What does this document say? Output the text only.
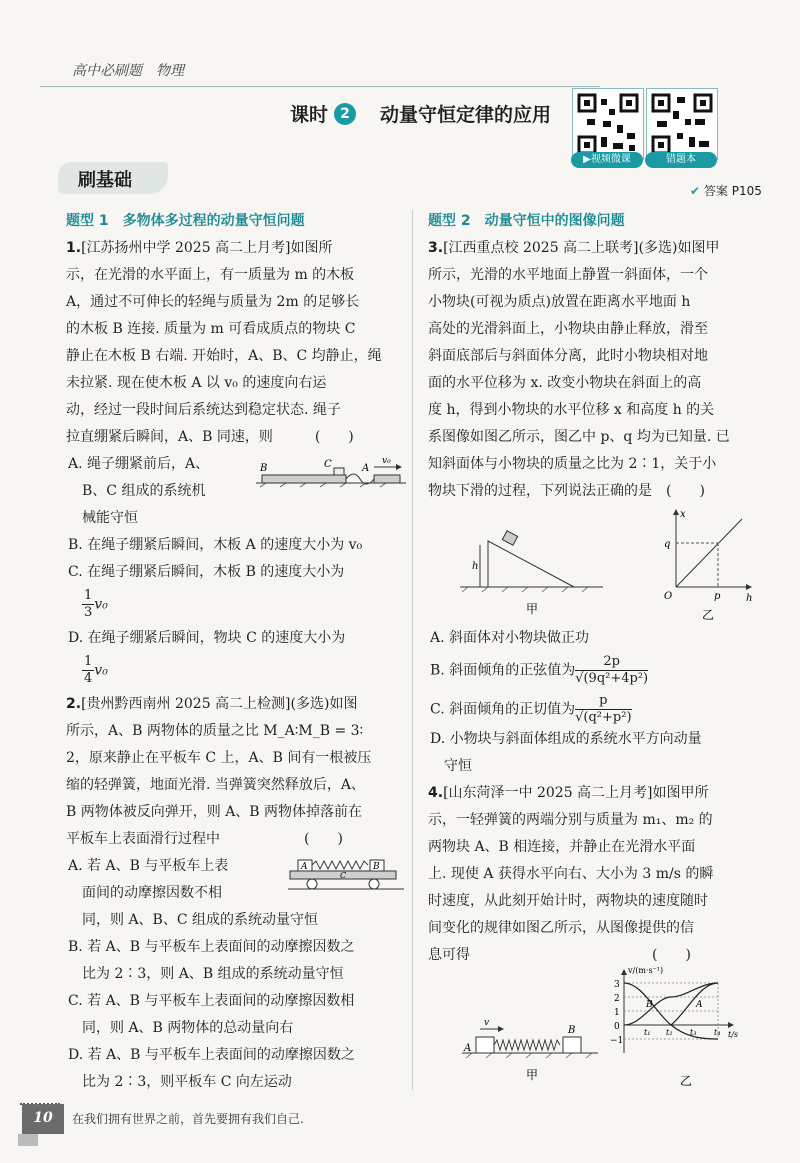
高中必刷题　物理
课时 2	动量守恒定律的应用
▶视频微课	错题本
刷基础	✔ 答案 P105

题型 1　多物体多过程的动量守恒问题

1.[江苏扬州中学 2025 高二上月考]如图所

示，在光滑的水平面上，有一质量为 m 的木板

A，通过不可伸长的轻绳与质量为 2m 的足够长

的木板 B 连接. 质量为 m 可看成质点的物块 C

静止在木板 B 右端. 开始时，A、B、C 均静止，绳

未拉紧. 现在使木板 A 以 v₀ 的速度向右运

动，经过一段时间后系统达到稳定状态. 绳子

拉直绷紧后瞬间，A、B 同速，则　　　(　　)

A. 绳子绷紧前后，A、

B、C 组成的系统机

械能守恒

B	C	A
v₀

B. 在绳子绷紧后瞬间，木板 A 的速度大小为 v₀

C. 在绳子绷紧后瞬间，木板 B 的速度大小为

$\frac{1}{3} v_0$

D. 在绳子绷紧后瞬间，物块 C 的速度大小为

$\frac{1}{4} v_0$

2.[贵州黔西南州 2025 高二上检测](多选)如图

所示，A、B 两物体的质量之比 M_A∶M_B = 3∶

2，原来静止在平板车 C 上，A、B 间有一根被压

缩的轻弹簧，地面光滑. 当弹簧突然释放后，A、

B 两物体被反向弹开，则 A、B 两物体掉落前在

平板车上表面滑行过程中　　　　　　(　　)

A. 若 A、B 与平板车上表

面间的动摩擦因数不相

同，则 A、B、C 组成的系统动量守恒

A	B
C

B. 若 A、B 与平板车上表面间的动摩擦因数之

比为 2∶3，则 A、B 组成的系统动量守恒

C. 若 A、B 与平板车上表面间的动摩擦因数相

同，则 A、B 两物体的总动量向右

D. 若 A、B 与平板车上表面间的动摩擦因数之

比为 2∶3，则平板车 C 向左运动

题型 2　动量守恒中的图像问题

3.[江西重点校 2025 高二上联考](多选)如图甲

所示，光滑的水平地面上静置一斜面体，一个

小物块(可视为质点)放置在距离水平地面 h

高处的光滑斜面上，小物块由静止释放，滑至

斜面底部后与斜面体分离，此时小物块相对地

面的水平位移为 x. 改变小物块在斜面上的高

度 h，得到小物块的水平位移 x 和高度 h 的关

系图像如图乙所示，图乙中 p、q 均为已知量. 已

知斜面体与小物块的质量之比为 2∶1，关于小

物块下滑的过程，下列说法正确的是　(　　)

h
甲
x
q
O	p	h
乙

A. 斜面体对小物块做正功

B. 斜面倾角的正弦值为 $\frac{2p}{\text{√(9q²+4p²)}}$

C. 斜面倾角的正切值为 $\frac{p}{\text{√(q²+p²)}}$

D. 小物块与斜面体组成的系统水平方向动量

守恒

4.[山东菏泽一中 2025 高二上月考]如图甲所

示，一轻弹簧的两端分别与质量为 m₁、m₂ 的

两物块 A、B 相连接，并静止在光滑水平面

上. 现使 A 获得水平向右、大小为 3 m/s 的瞬

时速度，从此刻开始计时，两物块的速度随时

间变化的规律如图乙所示，从图像提供的信

息可得　　　　　　　　　　　　　(　　)

A
B
v
甲
v/(m·s⁻¹)
3
2
1
0
−1
t₁ t₂ t₃ t₄ t/s
B	A
乙
10	在我们拥有世界之前，首先要拥有我们自己.
